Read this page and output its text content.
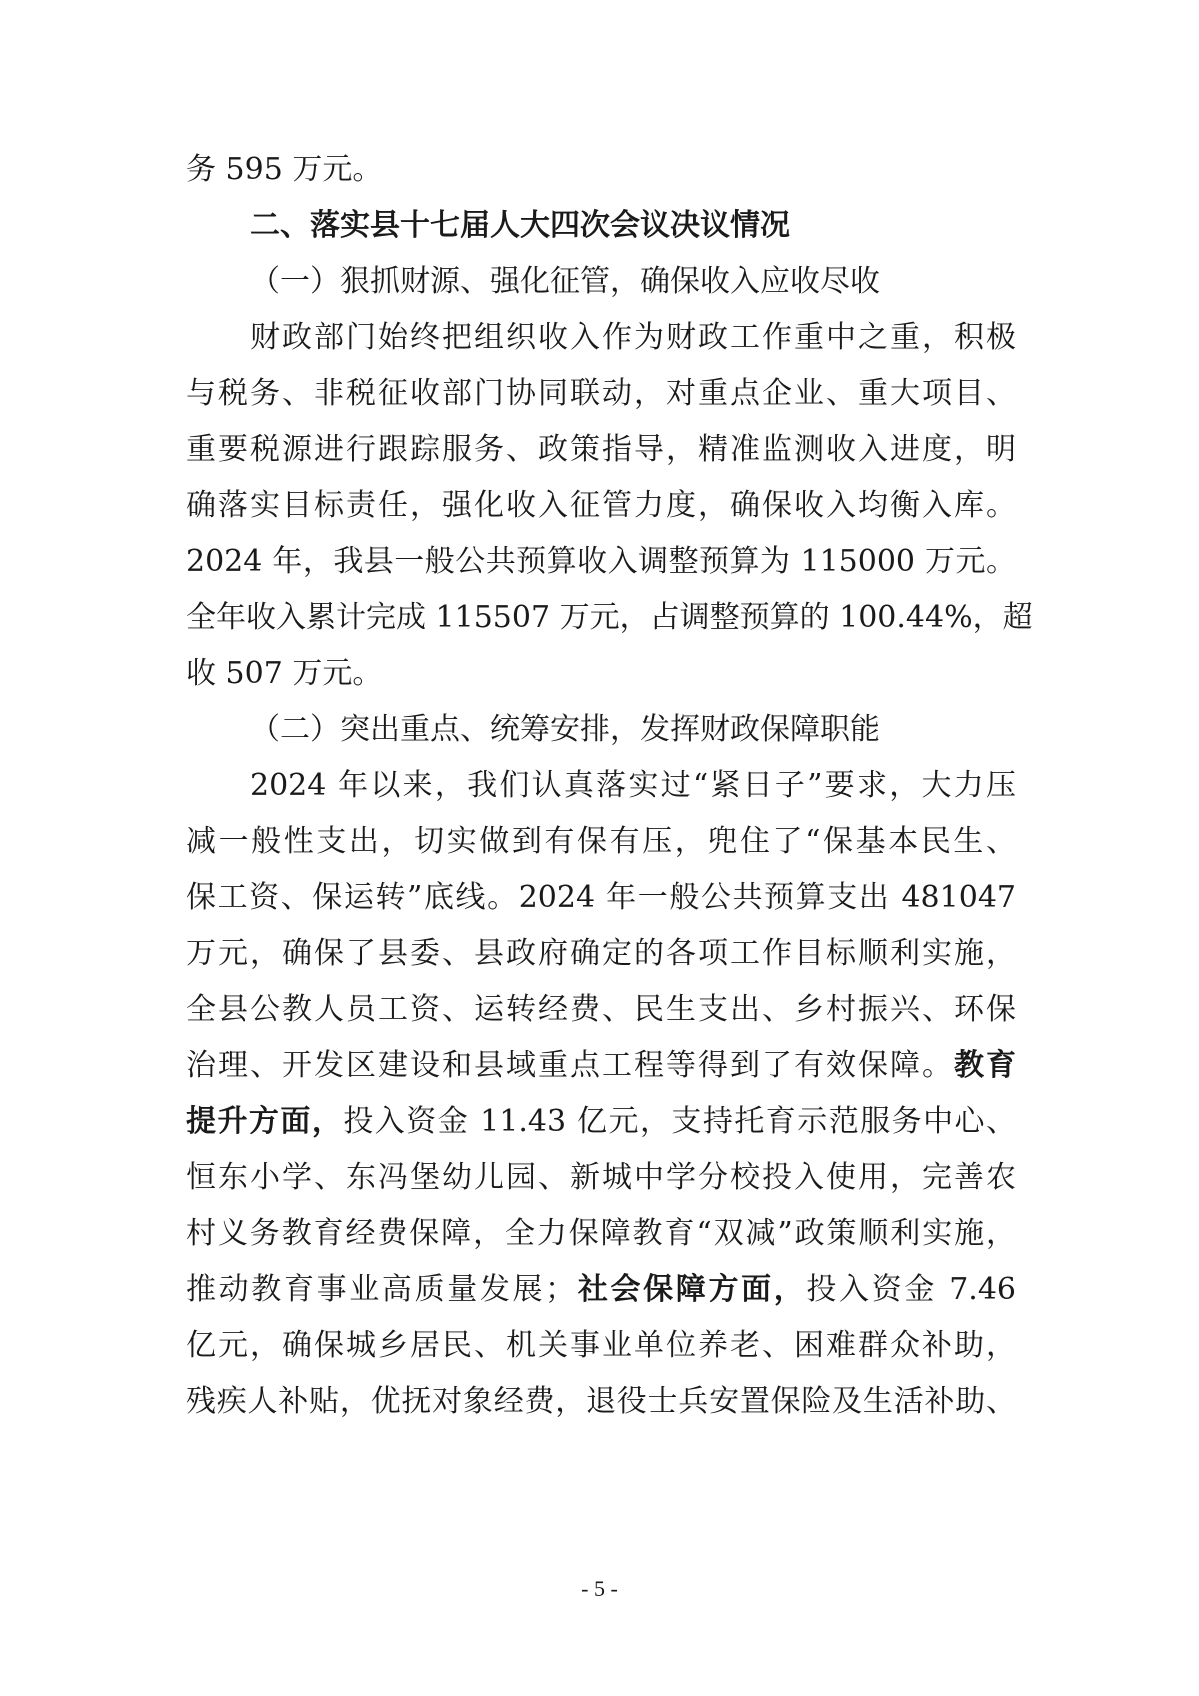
务 595 万元。
二、落实县十七届人大四次会议决议情况
（一）狠抓财源、强化征管，确保收入应收尽收
财政部门始终把组织收入作为财政工作重中之重，积极
与税务、非税征收部门协同联动，对重点企业、重大项目、
重要税源进行跟踪服务、政策指导，精准监测收入进度，明
确落实目标责任，强化收入征管力度，确保收入均衡入库。
2024 年，我县一般公共预算收入调整预算为 115000 万元。
全年收入累计完成 115507 万元，占调整预算的 100.44%，超
收 507 万元。
（二）突出重点、统筹安排，发挥财政保障职能
2024 年以来，我们认真落实过“紧日子”要求，大力压
减一般性支出，切实做到有保有压，兜住了“保基本民生、
保工资、保运转”底线。2024 年一般公共预算支出 481047
万元，确保了县委、县政府确定的各项工作目标顺利实施，
全县公教人员工资、运转经费、民生支出、乡村振兴、环保
治理、开发区建设和县域重点工程等得到了有效保障。教育
提升方面，投入资金 11.43 亿元，支持托育示范服务中心、
恒东小学、东冯堡幼儿园、新城中学分校投入使用，完善农
村义务教育经费保障，全力保障教育“双减”政策顺利实施，
推动教育事业高质量发展；社会保障方面，投入资金 7.46
亿元，确保城乡居民、机关事业单位养老、困难群众补助，
残疾人补贴，优抚对象经费，退役士兵安置保险及生活补助、
- 5 -
